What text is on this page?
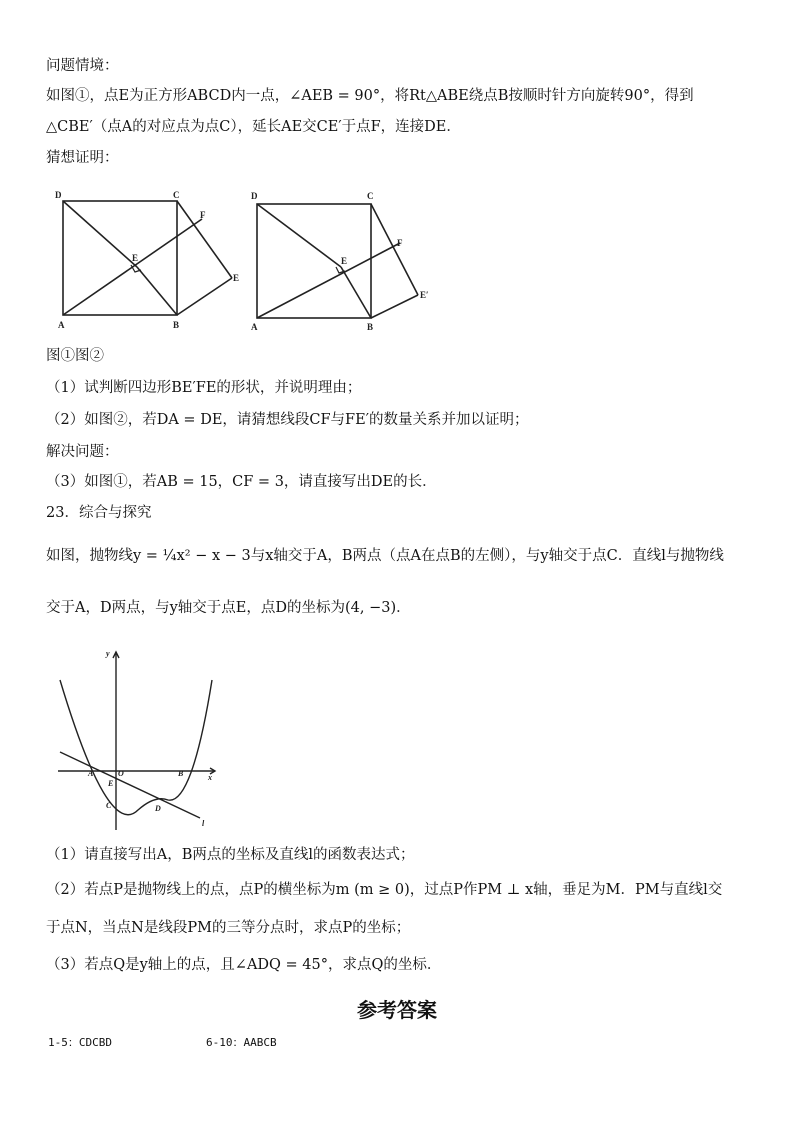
问题情境：
如图①，点E为正方形ABCD内一点，∠AEB = 90°，将Rt△ABE绕点B按顺时针方向旋转90°，得到
△CBE′（点A的对应点为点C），延长AE交CE′于点F，连接DE．
猜想证明：
D	C
A	B
E
F
E
D	C
A	B
E
F
E′
图①图②
（1）试判断四边形BE′FE的形状，并说明理由；
（2）如图②，若DA = DE，请猜想线段CF与FE′的数量关系并加以证明；
解决问题：
（3）如图①，若AB = 15，CF = 3，请直接写出DE的长．
23．综合与探究
如图，抛物线y = ¼x² − x − 3与x轴交于A，B两点（点A在点B的左侧），与y轴交于点C．直线l与抛物线
交于A，D两点，与y轴交于点E，点D的坐标为(4, −3)．
y
x
A	O	B
E
C	D
l
（1）请直接写出A，B两点的坐标及直线l的函数表达式；
（2）若点P是抛物线上的点，点P的横坐标为m (m ≥ 0)，过点P作PM ⊥ x轴，垂足为M．PM与直线l交
于点N，当点N是线段PM的三等分点时，求点P的坐标；
（3）若点Q是y轴上的点，且∠ADQ = 45°，求点Q的坐标．
参考答案
1-5：CDCBD	6-10：AABCB
